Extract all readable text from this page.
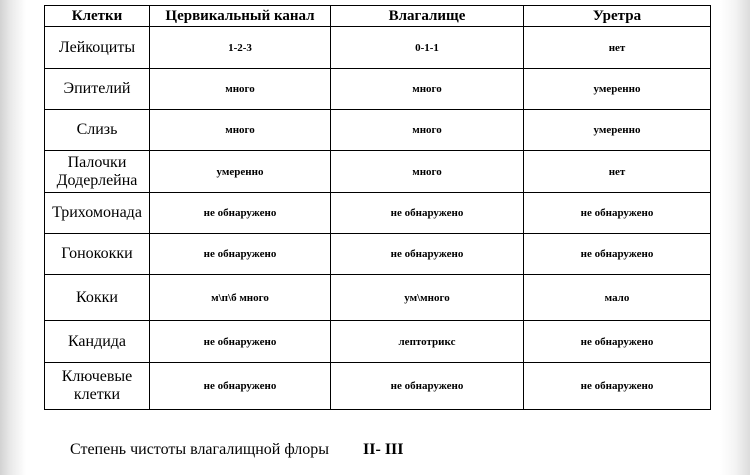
Клетки	Цервикальный канал	Влагалище	Уретра
Лейкоциты	1-2-3	0-1-1	нет
Эпителий	много	много	умеренно
Слизь	много	много	умеренно
Палочки Додерлейна	умеренно	много	нет
Трихомонада	не обнаружено	не обнаружено	не обнаружено
Гонококки	не обнаружено	не обнаружено	не обнаружено
Кокки	м\п\б много	ум\много	мало
Кандида	не обнаружено	лептотрикс	не обнаружено
Ключевые клетки	не обнаружено	не обнаружено	не обнаружено
Степень чистоты влагалищной флоры II- III
